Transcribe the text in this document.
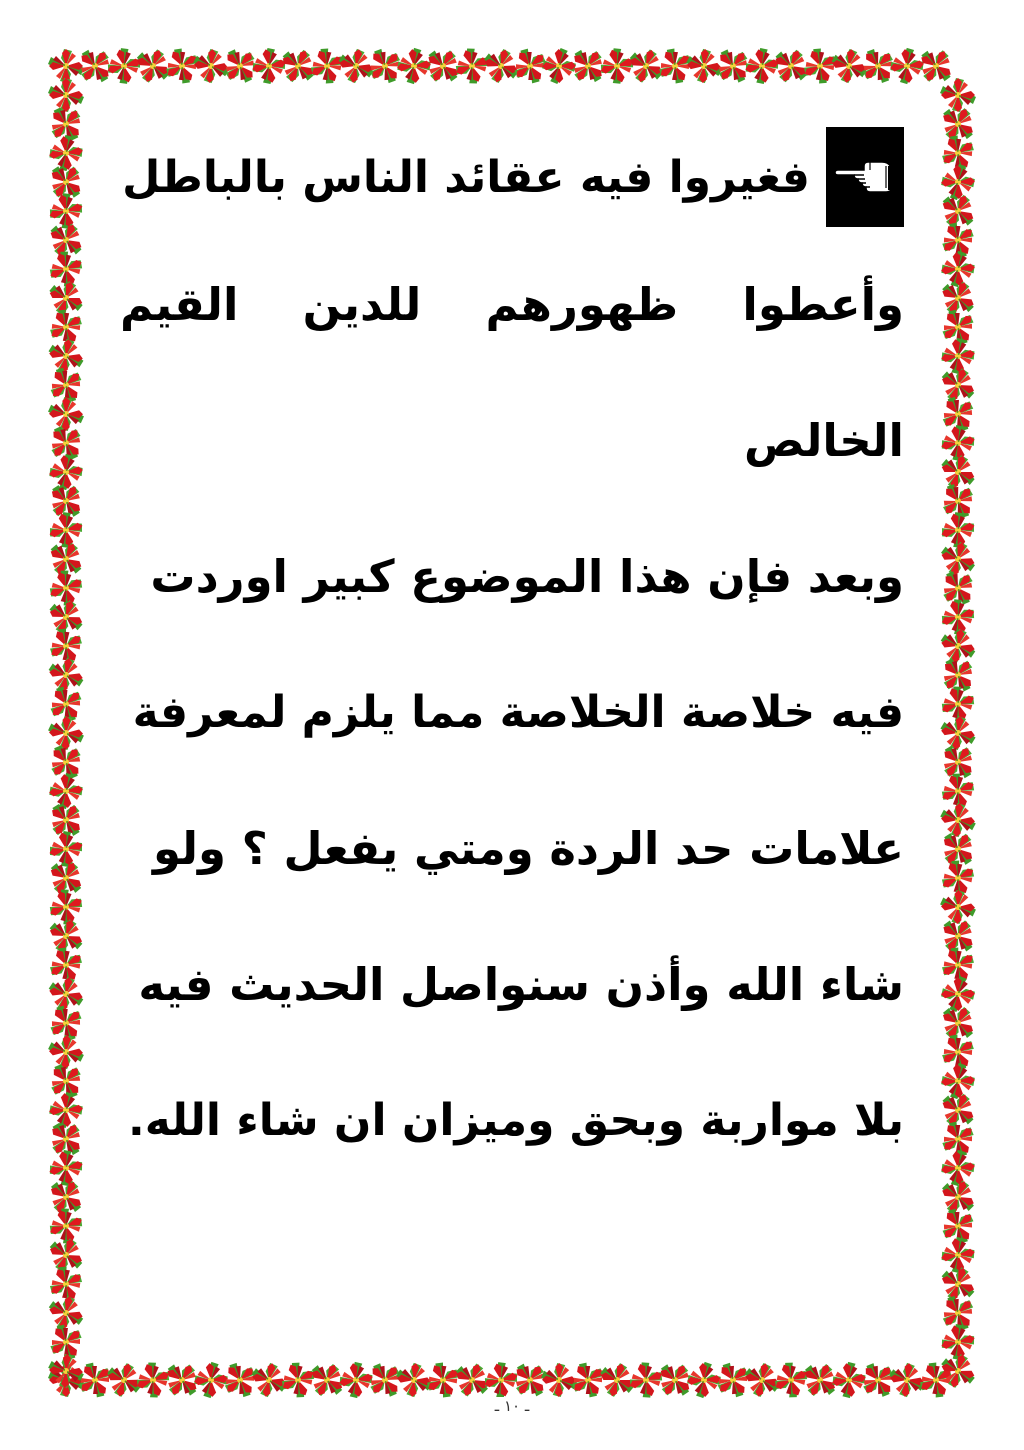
فغيروا فيه عقائد الناس بالباطل
وأعطوا
ظهورهم
للدين
القيم
الخالص
وبعد فإن هذا الموضوع كبير اوردت
فيه خلاصة الخلاصة مما يلزم لمعرفة
علامات حد الردة ومتي يفعل ؟ ولو
شاء الله وأذن سنواصل الحديث فيه
بلا مواربة وبحق وميزان ان شاء الله.
ـ ١٠ ـ
